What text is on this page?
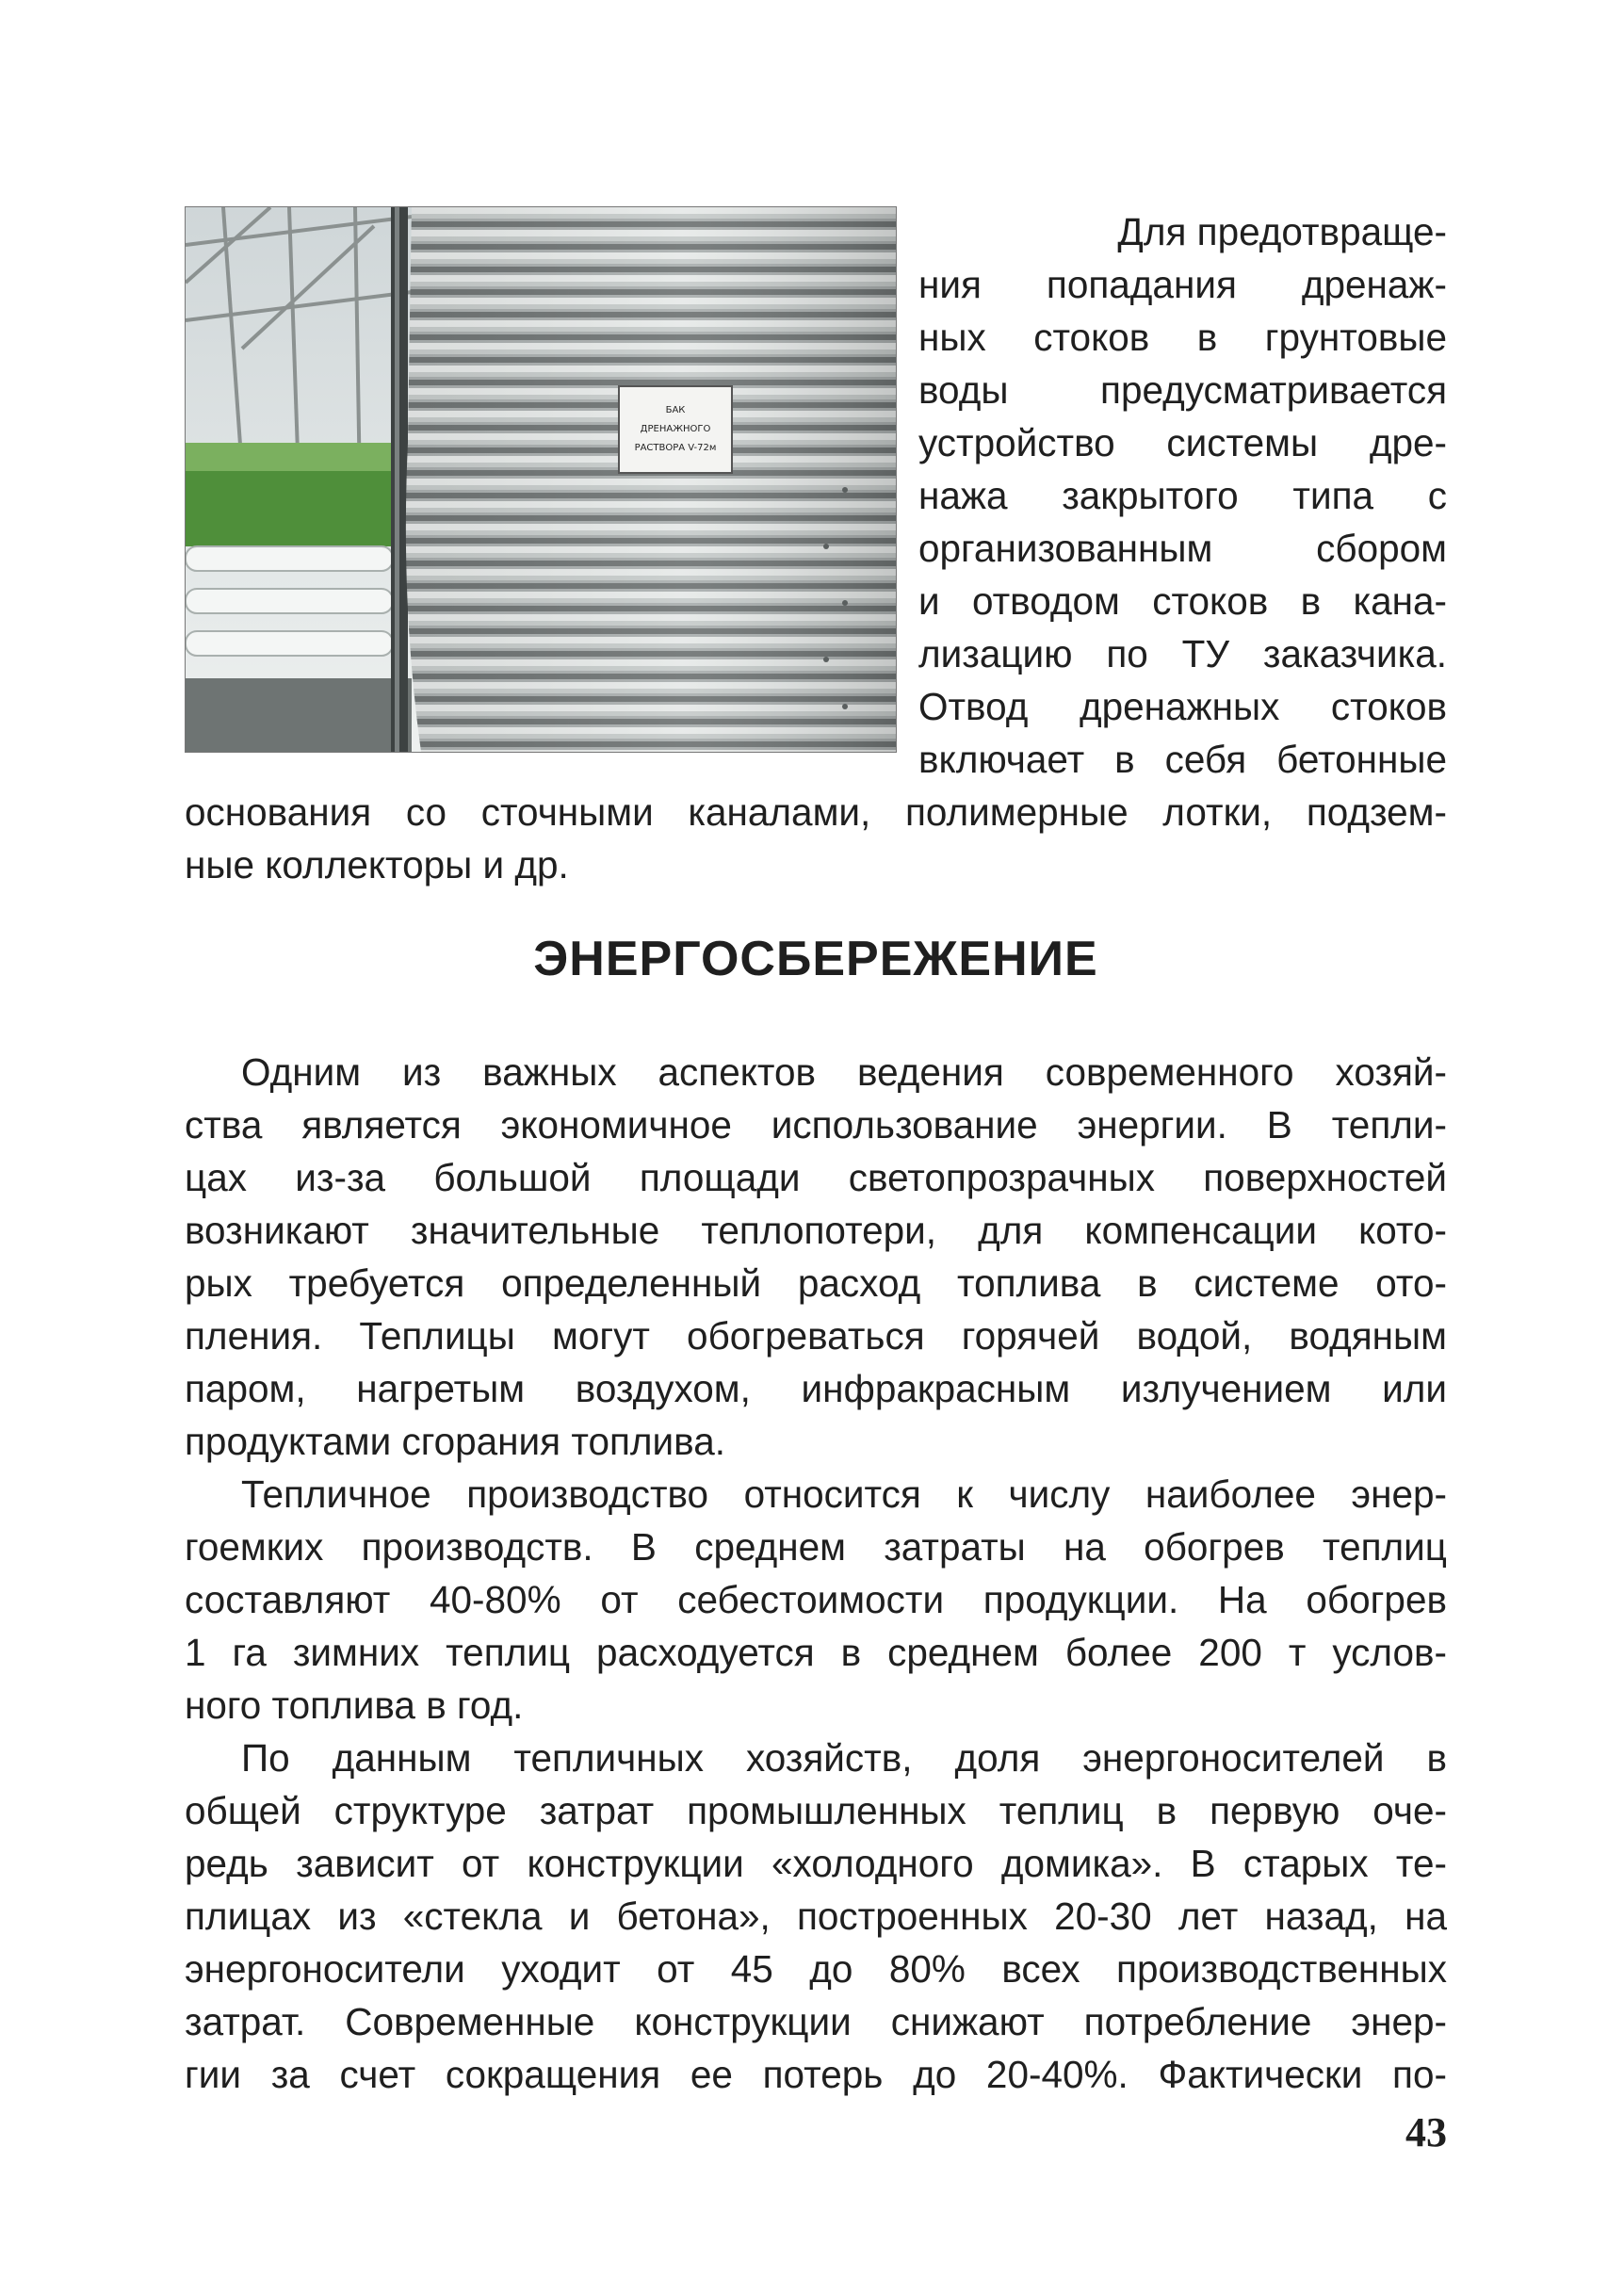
БАК
ДРЕНАЖНОГО
РАСТВОРА V-72м
Для предотвраще-
ния попадания дренаж-
ных стоков в грунтовые
воды предусматривается
устройство системы дре-
нажа закрытого типа с
организованным сбором
и отводом стоков в кана-
лизацию по ТУ заказчика.
Отвод дренажных стоков
включает в себя бетонные
основания со сточными каналами, полимерные лотки, подзем-
ные коллекторы и др.
ЭНЕРГОСБЕРЕЖЕНИЕ
Одним из важных аспектов ведения современного хозяй-
ства является экономичное использование энергии. В тепли-
цах из-за большой площади светопрозрачных поверхностей
возникают значительные теплопотери, для компенсации кото-
рых требуется определенный расход топлива в системе ото-
пления. Теплицы могут обогреваться горячей водой, водяным
паром, нагретым воздухом, инфракрасным излучением или
продуктами сгорания топлива.
Тепличное производство относится к числу наиболее энер-
гоемких производств. В среднем затраты на обогрев теплиц
составляют 40-80% от себестоимости продукции. На обогрев
1 га зимних теплиц расходуется в среднем более 200 т услов-
ного топлива в год.
По данным тепличных хозяйств, доля энергоносителей в
общей структуре затрат промышленных теплиц в первую оче-
редь зависит от конструкции «холодного домика». В старых те-
плицах из «стекла и бетона», построенных 20-30 лет назад, на
энергоносители уходит от 45 до 80% всех производственных
затрат. Современные конструкции снижают потребление энер-
гии за счет сокращения ее потерь до 20-40%. Фактически по-
43
